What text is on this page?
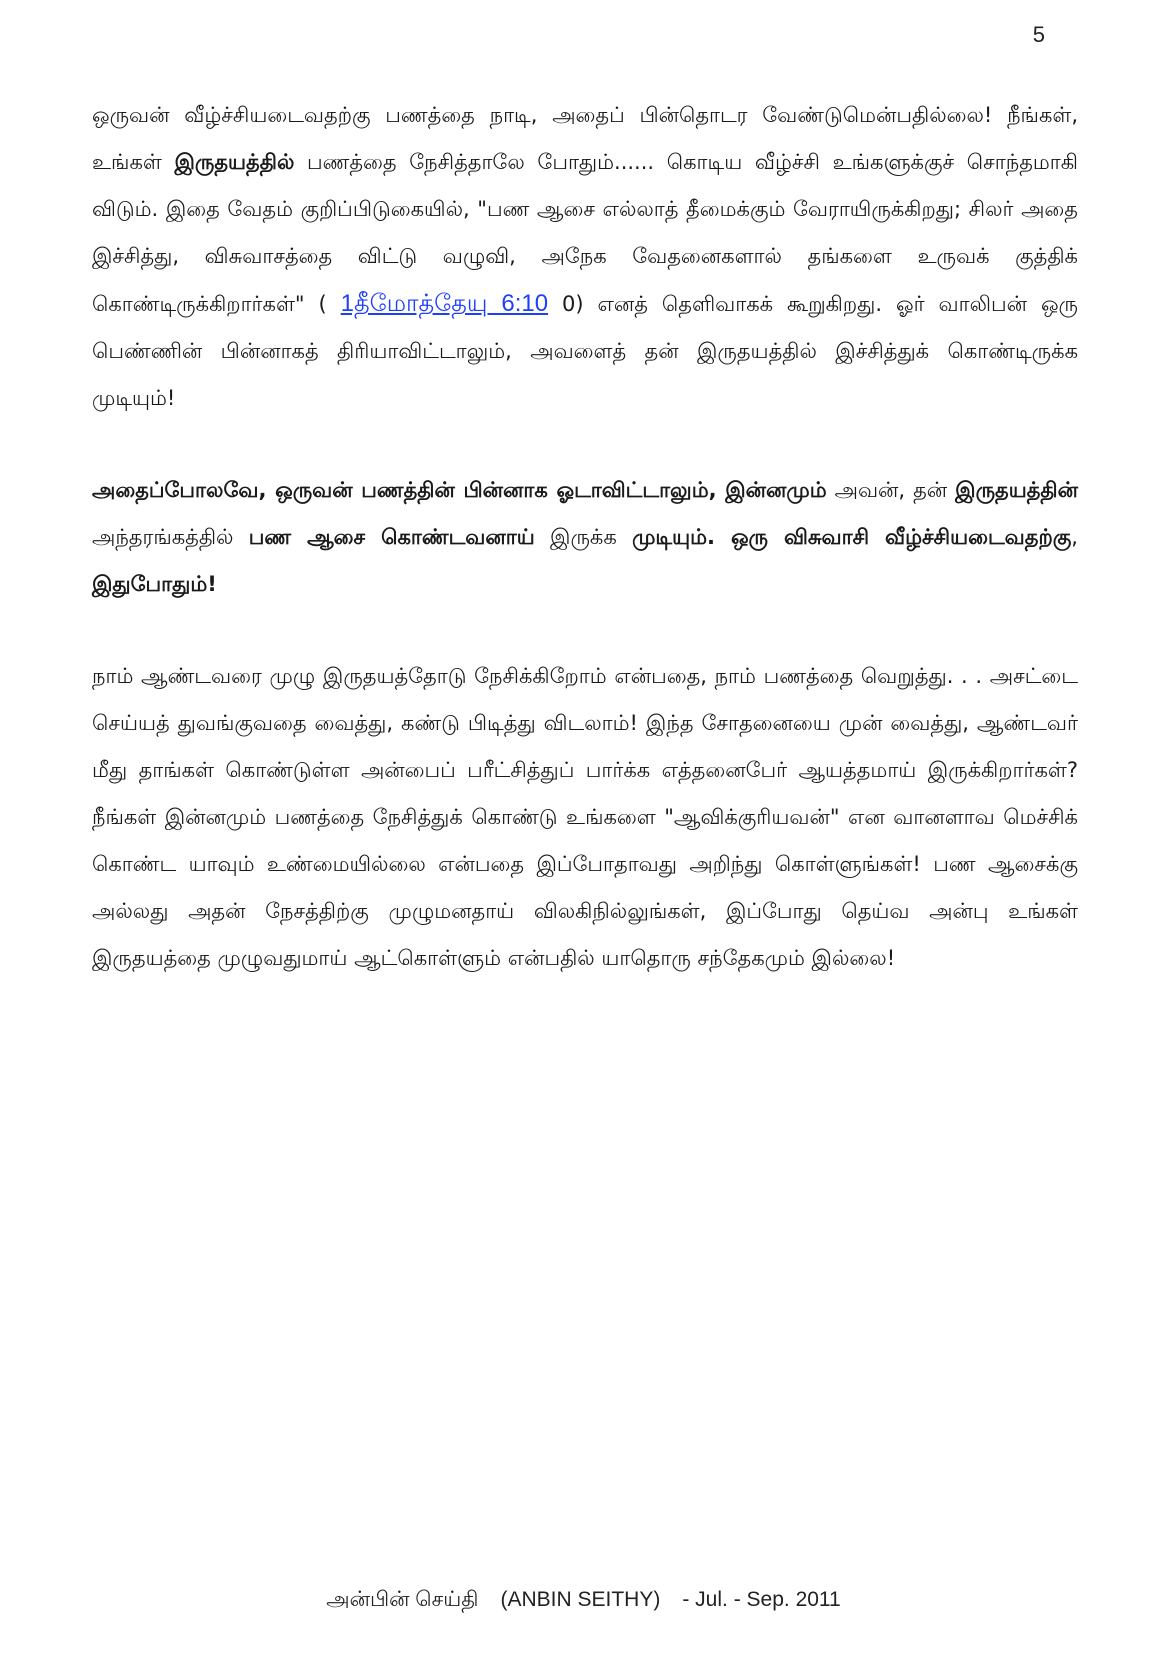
5

ஒருவன் வீழ்ச்சியடைவதற்கு பணத்தை நாடி, அதைப் பின்தொடர வேண்டுமென்பதில்லை! நீங்கள், உங்கள் இருதயத்தில் பணத்தை நேசித்தாலே போதும்...... கொடிய வீழ்ச்சி உங்களுக்குச் சொந்தமாகி விடும். இதை வேதம் குறிப்பிடுகையில், "பண ஆசை எல்லாத் தீமைக்கும் வேராயிருக்கிறது; சிலர் அதை இச்சித்து, விசுவாசத்தை விட்டு வழுவி, அநேக வேதனைகளால் தங்களை உருவக் குத்திக் கொண்டிருக்கிறார்கள்" ( 1தீமோத்தேயு 6:10 0) எனத் தெளிவாகக் கூறுகிறது. ஓர் வாலிபன் ஒரு பெண்ணின் பின்னாகத் திரியாவிட்டாலும், அவளைத் தன் இருதயத்தில் இச்சித்துக் கொண்டிருக்க முடியும்!

அதைப்போலவே, ஒருவன் பணத்தின் பின்னாக ஓடாவிட்டாலும், இன்னமும் அவன், தன் இருதயத்தின் அந்தரங்கத்தில் பண ஆசை கொண்டவனாய் இருக்க முடியும். ஒரு விசுவாசி வீழ்ச்சியடைவதற்கு, இதுபோதும்!

நாம் ஆண்டவரை முழு இருதயத்தோடு நேசிக்கிறோம் என்பதை, நாம் பணத்தை வெறுத்து. . . அசட்டை செய்யத் துவங்குவதை வைத்து, கண்டு பிடித்து விடலாம்! இந்த சோதனையை முன் வைத்து, ஆண்டவர் மீது தாங்கள் கொண்டுள்ள அன்பைப் பரீட்சித்துப் பார்க்க எத்தனைபேர் ஆயத்தமாய் இருக்கிறார்கள்? நீங்கள் இன்னமும் பணத்தை நேசித்துக் கொண்டு உங்களை "ஆவிக்குரியவன்" என வானளாவ மெச்சிக் கொண்ட யாவும் உண்மையில்லை என்பதை இப்போதாவது அறிந்து கொள்ளுங்கள்! பண ஆசைக்கு அல்லது அதன் நேசத்திற்கு முழுமனதாய் விலகிநில்லுங்கள், இப்போது தெய்வ அன்பு உங்கள் இருதயத்தை முழுவதுமாய் ஆட்கொள்ளும் என்பதில் யாதொரு சந்தேகமும் இல்லை!

அன்பின் செய்தி (ANBIN SEITHY) - Jul. - Sep. 2011
